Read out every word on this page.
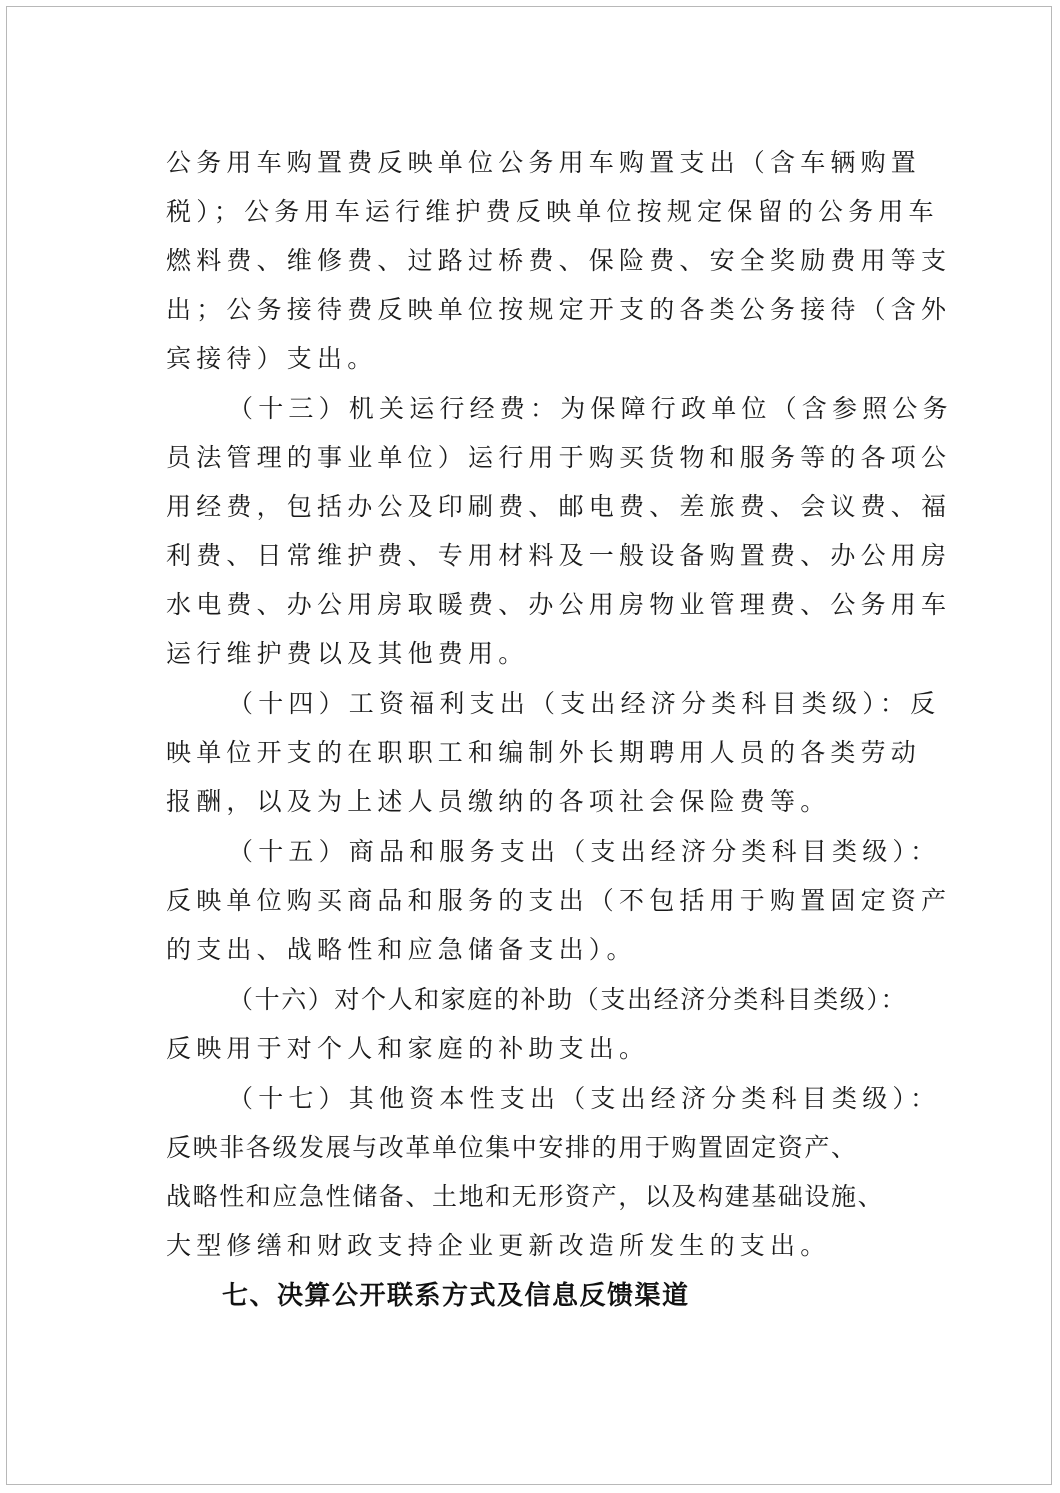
公务用车购置费反映单位公务用车购置支出（含车辆购置

税）；公务用车运行维护费反映单位按规定保留的公务用车

燃料费、维修费、过路过桥费、保险费、安全奖励费用等支

出；公务接待费反映单位按规定开支的各类公务接待（含外

宾接待）支出。

（十三）机关运行经费：为保障行政单位（含参照公务

员法管理的事业单位）运行用于购买货物和服务等的各项公

用经费，包括办公及印刷费、邮电费、差旅费、会议费、福

利费、日常维护费、专用材料及一般设备购置费、办公用房

水电费、办公用房取暖费、办公用房物业管理费、公务用车

运行维护费以及其他费用。

（十四）工资福利支出（支出经济分类科目类级）：反

映单位开支的在职职工和编制外长期聘用人员的各类劳动

报酬，以及为上述人员缴纳的各项社会保险费等。

（十五）商品和服务支出（支出经济分类科目类级）：

反映单位购买商品和服务的支出（不包括用于购置固定资产

的支出、战略性和应急储备支出）。

（十六）对个人和家庭的补助（支出经济分类科目类级）：

反映用于对个人和家庭的补助支出。

（十七）其他资本性支出（支出经济分类科目类级）：

反映非各级发展与改革单位集中安排的用于购置固定资产、

战略性和应急性储备、土地和无形资产，以及构建基础设施、

大型修缮和财政支持企业更新改造所发生的支出。

七、决算公开联系方式及信息反馈渠道
